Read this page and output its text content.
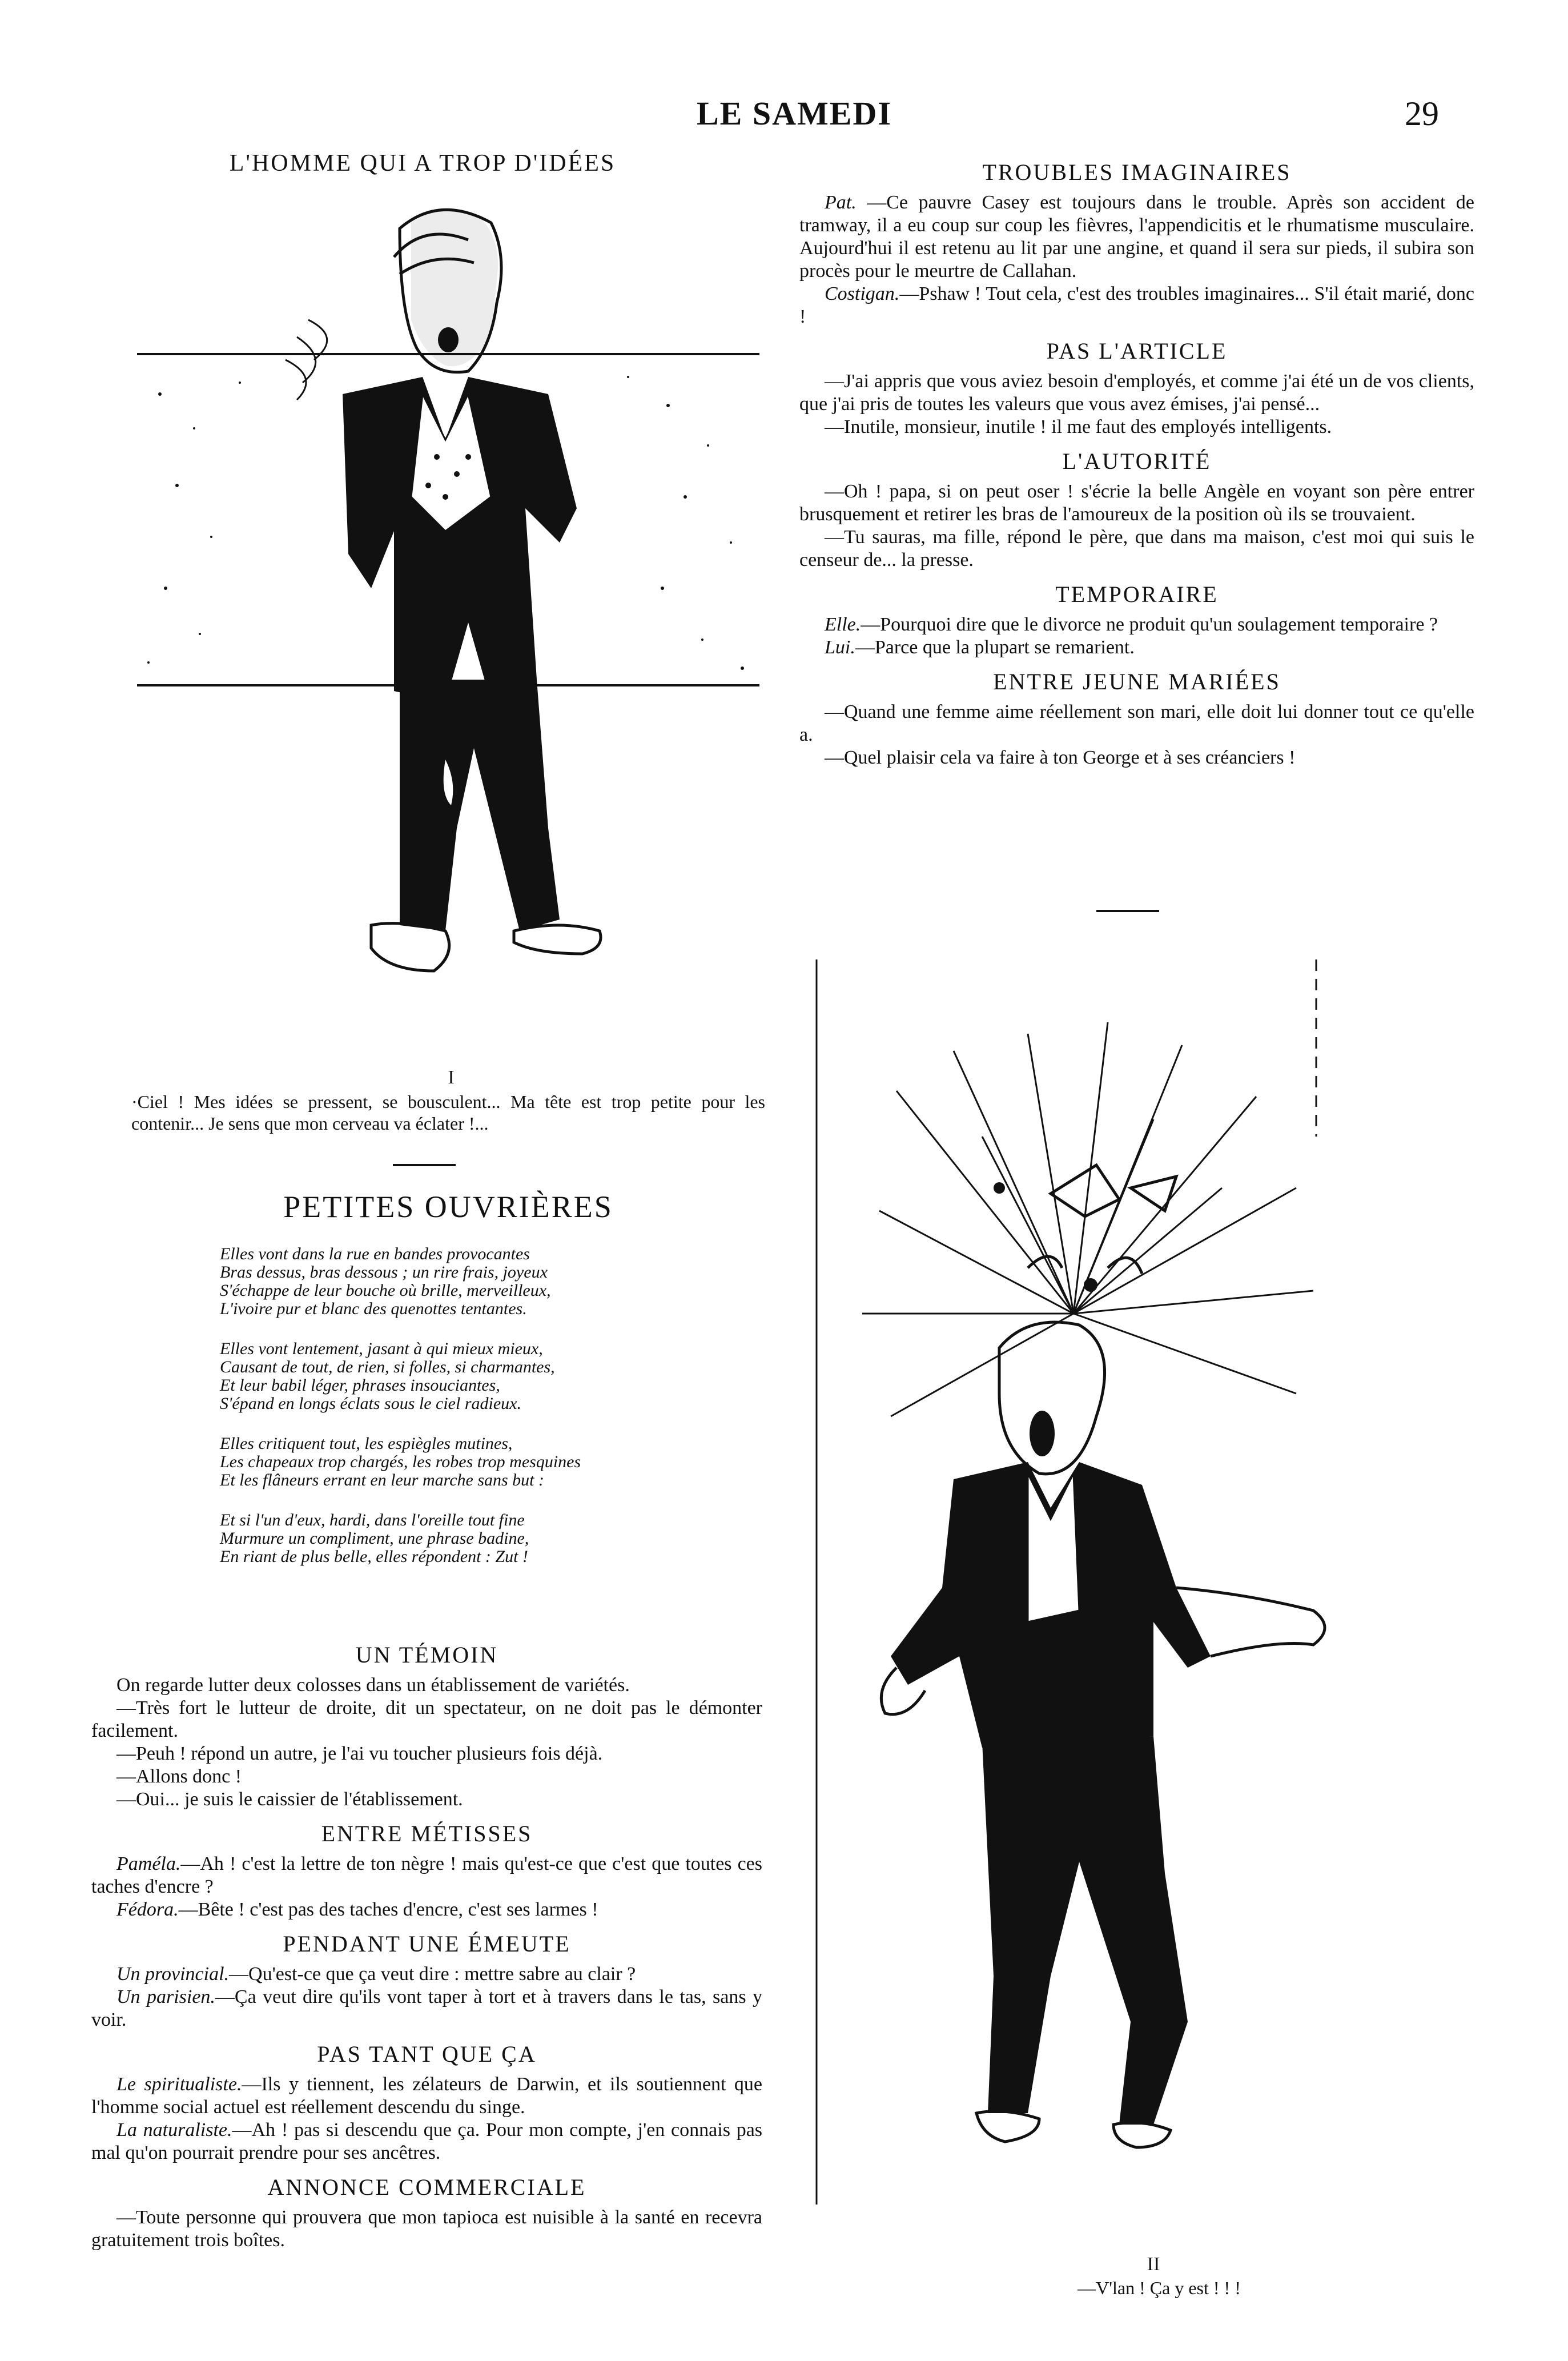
LE SAMEDI	29
L'HOMME QUI A TROP D'IDÉES
I
·Ciel ! Mes idées se pressent, se bousculent... Ma tête est trop petite pour les contenir... Je sens que mon cerveau va éclater !...
PETITES OUVRIÈRES

Elles vont dans la rue en bandes provocantes

Bras dessus, bras dessous ; un rire frais, joyeux

S'échappe de leur bouche où brille, merveilleux,

L'ivoire pur et blanc des quenottes tentantes.

Elles vont lentement, jasant à qui mieux mieux,

Causant de tout, de rien, si folles, si charmantes,

Et leur babil léger, phrases insouciantes,

S'épand en longs éclats sous le ciel radieux.

Elles critiquent tout, les espiègles mutines,

Les chapeaux trop chargés, les robes trop mesquines

Et les flâneurs errant en leur marche sans but :

Et si l'un d'eux, hardi, dans l'oreille tout fine

Murmure un compliment, une phrase badine,

En riant de plus belle, elles répondent : Zut !

UN TÉMOIN

On regarde lutter deux colosses dans un établissement de variétés.

—Très fort le lutteur de droite, dit un spectateur, on ne doit pas le démonter facilement.

—Peuh ! répond un autre, je l'ai vu toucher plusieurs fois déjà.

—Allons donc !

—Oui... je suis le caissier de l'établissement.

ENTRE MÉTISSES

Paméla.—Ah ! c'est la lettre de ton nègre ! mais qu'est-ce que c'est que toutes ces taches d'encre ?

Fédora.—Bête ! c'est pas des taches d'encre, c'est ses larmes !

PENDANT UNE ÉMEUTE

Un provincial.—Qu'est-ce que ça veut dire : mettre sabre au clair ?

Un parisien.—Ça veut dire qu'ils vont taper à tort et à travers dans le tas, sans y voir.

PAS TANT QUE ÇA

Le spiritualiste.—Ils y tiennent, les zélateurs de Darwin, et ils soutiennent que l'homme social actuel est réellement descendu du singe.

La naturaliste.—Ah ! pas si descendu que ça. Pour mon compte, j'en connais pas mal qu'on pourrait prendre pour ses ancêtres.

ANNONCE COMMERCIALE

—Toute personne qui prouvera que mon tapioca est nuisible à la santé en recevra gratuitement trois boîtes.

TROUBLES IMAGINAIRES

Pat. —Ce pauvre Casey est toujours dans le trouble. Après son accident de tramway, il a eu coup sur coup les fièvres, l'appendicitis et le rhumatisme musculaire. Aujourd'hui il est retenu au lit par une angine, et quand il sera sur pieds, il subira son procès pour le meurtre de Callahan.

Costigan.—Pshaw ! Tout cela, c'est des troubles imaginaires... S'il était marié, donc !

PAS L'ARTICLE

—J'ai appris que vous aviez besoin d'employés, et comme j'ai été un de vos clients, que j'ai pris de toutes les valeurs que vous avez émises, j'ai pensé...

—Inutile, monsieur, inutile ! il me faut des employés intelligents.

L'AUTORITÉ

—Oh ! papa, si on peut oser ! s'écrie la belle Angèle en voyant son père entrer brusquement et retirer les bras de l'amoureux de la position où ils se trouvaient.

—Tu sauras, ma fille, répond le père, que dans ma maison, c'est moi qui suis le censeur de... la presse.

TEMPORAIRE

Elle.—Pourquoi dire que le divorce ne produit qu'un soulagement temporaire ?

Lui.—Parce que la plupart se remarient.

ENTRE JEUNE MARIÉES

—Quand une femme aime réellement son mari, elle doit lui donner tout ce qu'elle a.

—Quel plaisir cela va faire à ton George et à ses créanciers !

II
—V'lan ! Ça y est ! ! !
